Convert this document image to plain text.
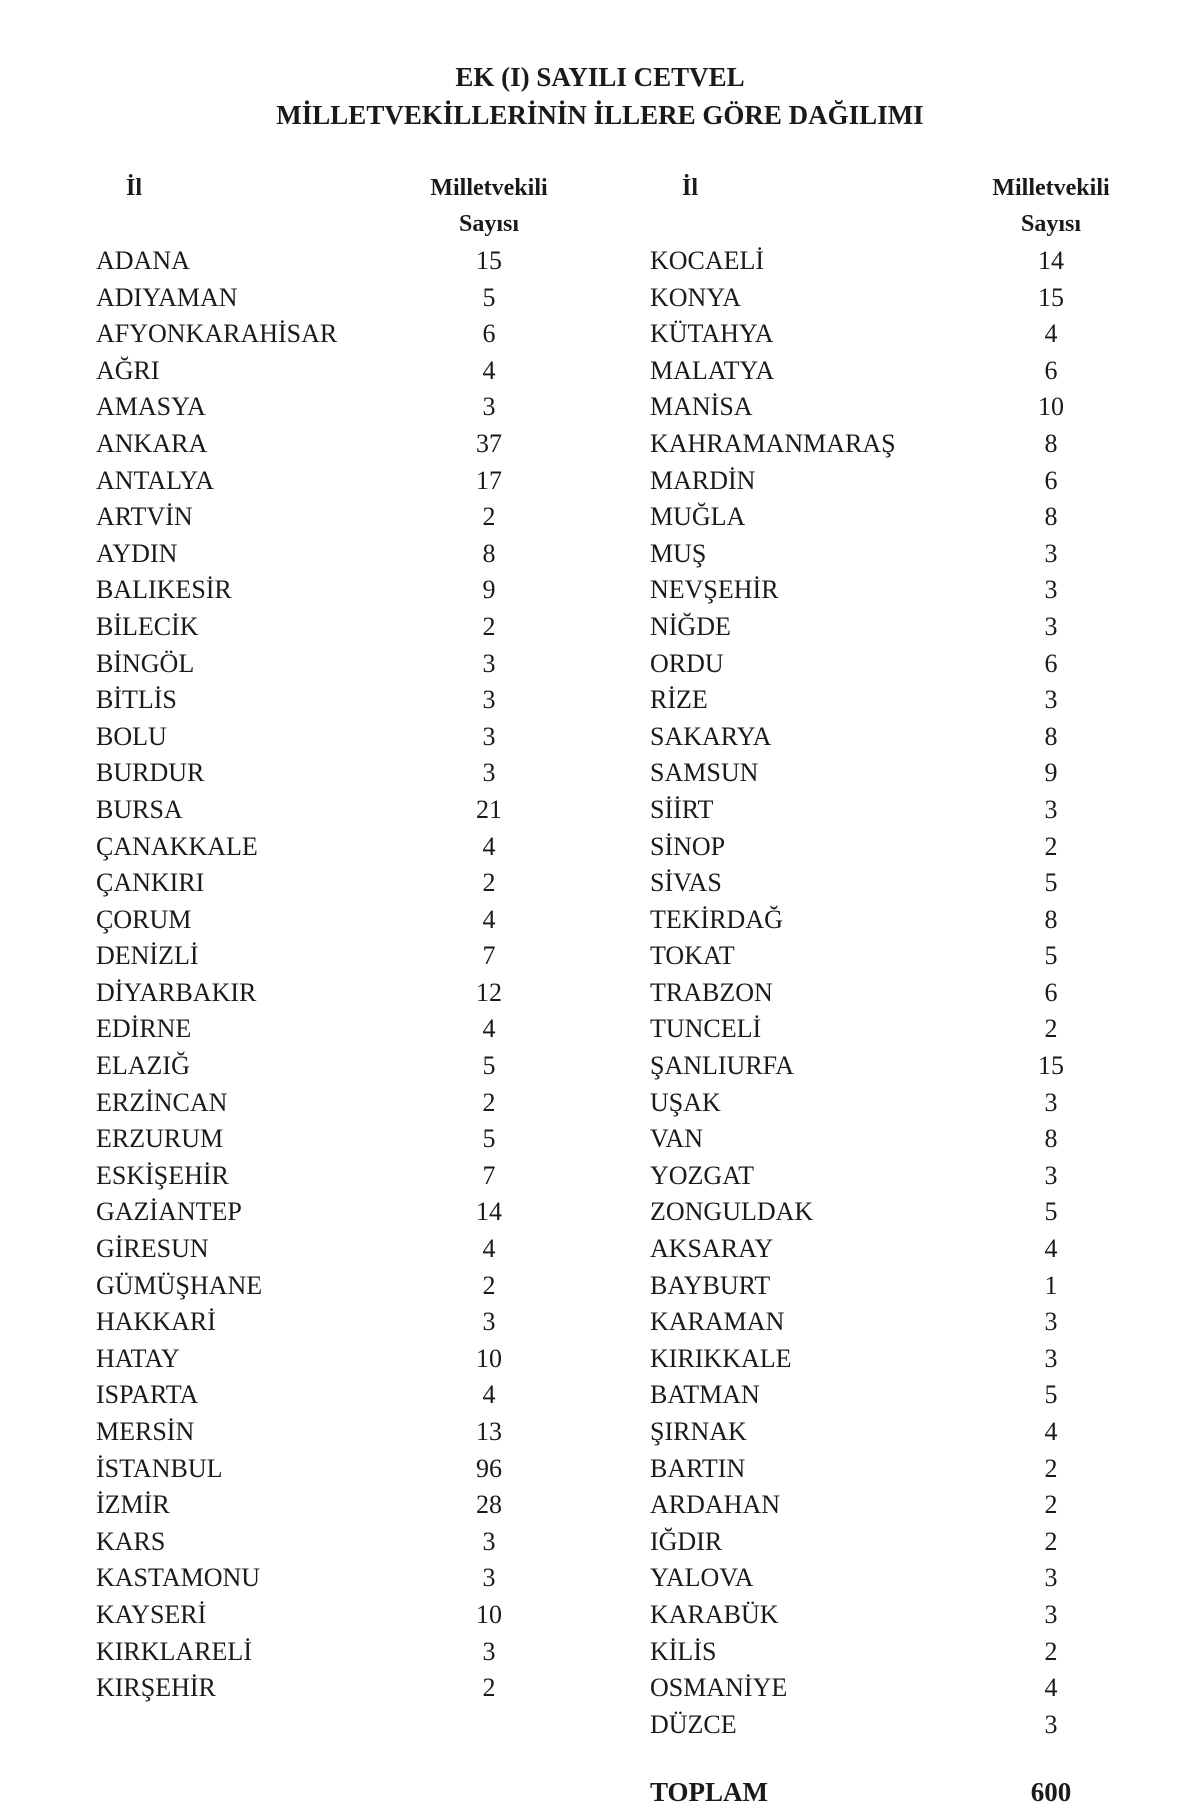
EK (I) SAYILI CETVEL
MİLLETVEKİLLERİNİN İLLERE GÖRE DAĞILIMI
İl	Milletvekili
Sayısı
İl	Milletvekili
Sayısı
ADANA	15
ADIYAMAN	5
AFYONKARAHİSAR	6
AĞRI	4
AMASYA	3
ANKARA	37
ANTALYA	17
ARTVİN	2
AYDIN	8
BALIKESİR	9
BİLECİK	2
BİNGÖL	3
BİTLİS	3
BOLU	3
BURDUR	3
BURSA	21
ÇANAKKALE	4
ÇANKIRI	2
ÇORUM	4
DENİZLİ	7
DİYARBAKIR	12
EDİRNE	4
ELAZIĞ	5
ERZİNCAN	2
ERZURUM	5
ESKİŞEHİR	7
GAZİANTEP	14
GİRESUN	4
GÜMÜŞHANE	2
HAKKARİ	3
HATAY	10
ISPARTA	4
MERSİN	13
İSTANBUL	96
İZMİR	28
KARS	3
KASTAMONU	3
KAYSERİ	10
KIRKLARELİ	3
KIRŞEHİR	2
KOCAELİ	14
KONYA	15
KÜTAHYA	4
MALATYA	6
MANİSA	10
KAHRAMANMARAŞ	8
MARDİN	6
MUĞLA	8
MUŞ	3
NEVŞEHİR	3
NİĞDE	3
ORDU	6
RİZE	3
SAKARYA	8
SAMSUN	9
SİİRT	3
SİNOP	2
SİVAS	5
TEKİRDAĞ	8
TOKAT	5
TRABZON	6
TUNCELİ	2
ŞANLIURFA	15
UŞAK	3
VAN	8
YOZGAT	3
ZONGULDAK	5
AKSARAY	4
BAYBURT	1
KARAMAN	3
KIRIKKALE	3
BATMAN	5
ŞIRNAK	4
BARTIN	2
ARDAHAN	2
IĞDIR	2
YALOVA	3
KARABÜK	3
KİLİS	2
OSMANİYE	4
DÜZCE	3
TOPLAM	600
